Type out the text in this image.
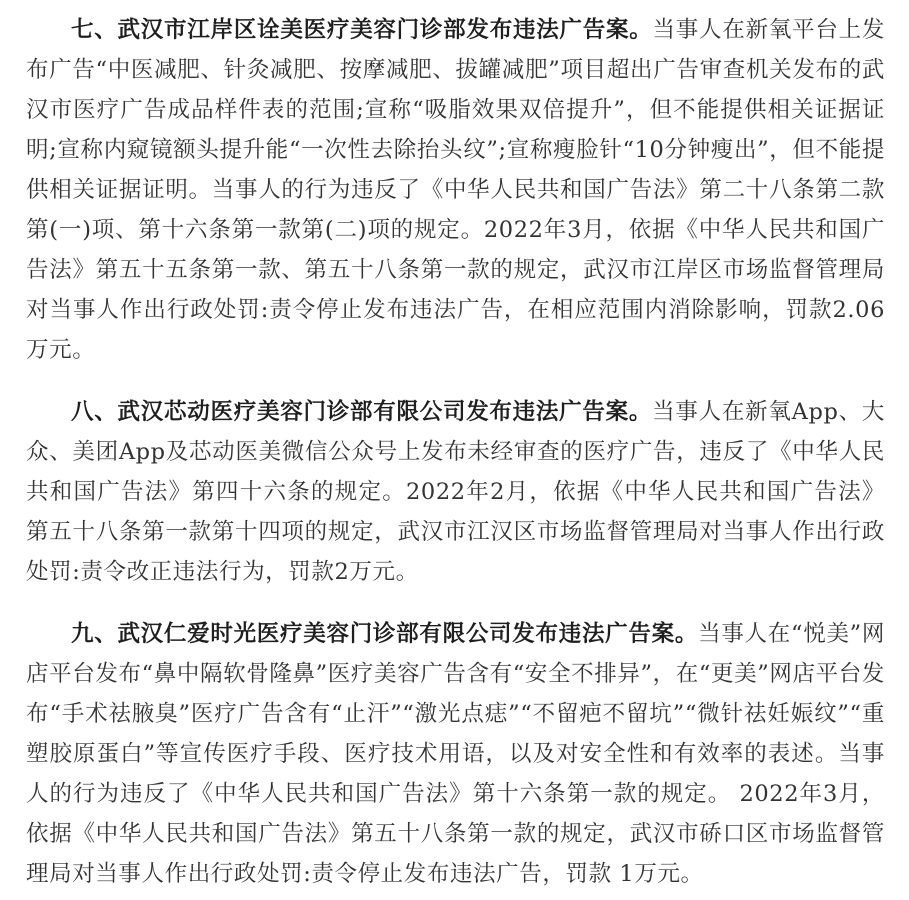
七、武汉市江岸区诠美医疗美容门诊部发布违法广告案。当事人在新氧平台上发布广告“中医减肥、针灸减肥、按摩减肥、拔罐减肥”项目超出广告审查机关发布的武汉市医疗广告成品样件表的范围;宣称“吸脂效果双倍提升”，但不能提供相关证据证明;宣称内窥镜额头提升能“一次性去除抬头纹”;宣称瘦脸针“10分钟瘦出”，但不能提供相关证据证明。当事人的行为违反了《中华人民共和国广告法》第二十八条第二款第(一)项、第十六条第一款第(二)项的规定。2022年3月，依据《中华人民共和国广告法》第五十五条第一款、第五十八条第一款的规定，武汉市江岸区市场监督管理局对当事人作出行政处罚:责令停止发布违法广告，在相应范围内消除影响，罚款2.06万元。

八、武汉芯动医疗美容门诊部有限公司发布违法广告案。当事人在新氧App、大众、美团App及芯动医美微信公众号上发布未经审查的医疗广告，违反了《中华人民共和国广告法》第四十六条的规定。2022年2月，依据《中华人民共和国广告法》第五十八条第一款第十四项的规定，武汉市江汉区市场监督管理局对当事人作出行政处罚:责令改正违法行为，罚款2万元。

九、武汉仁爱时光医疗美容门诊部有限公司发布违法广告案。当事人在“悦美”网店平台发布“鼻中隔软骨隆鼻”医疗美容广告含有“安全不排异”，在“更美”网店平台发布“手术祛腋臭”医疗广告含有“止汗”“激光点痣”“不留疤不留坑”“微针祛妊娠纹”“重塑胶原蛋白”等宣传医疗手段、医疗技术用语，以及对安全性和有效率的表述。当事人的行为违反了《中华人民共和国广告法》第十六条第一款的规定。 2022年3月，依据《中华人民共和国广告法》第五十八条第一款的规定，武汉市硚口区市场监督管理局对当事人作出行政处罚:责令停止发布违法广告，罚款 1万元。
